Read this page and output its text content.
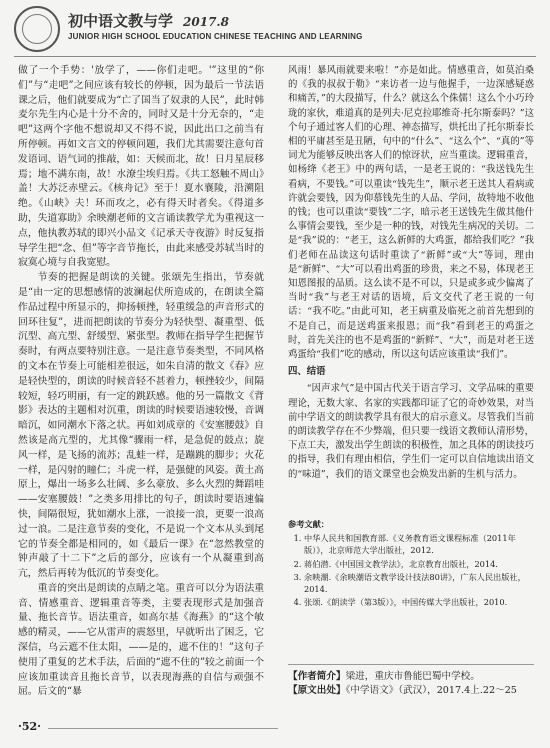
初中语文教与学 2017.8
JUNIOR HIGH SCHOOL EDUCATION CHINESE TEACHING AND LEARNING

做了一个手势：'放学了，——你们走吧。'”这里的“你们”与“走吧”之间应该有较长的停顿，因为最后一节法语课之后，他们就要成为“亡了国当了奴隶的人民”，此时韩麦尔先生内心是十分不舍的，同时又是十分无奈的，“走吧”这两个字他不想说却又不得不说，因此出口之前当有所停顿。再如文言文的停顿问题，我们尤其需要注意句首发语词、语气词的推敲，如：天候而北，故！日月星辰移焉；地不满东南，故！水潦尘埃归焉。《共工怒触不周山》盖！大苏泛赤壁云。《核舟记》至于！夏水襄陵，沿溯阻绝。《山峡》夫！环而攻之，必有得天时者矣。《得道多助，失道寡助》余映潮老师的文言诵读教学尤为重视这一点，他执教苏轼的即兴小品文《记承天寺夜游》时反复指导学生把“念、但”等字音节拖长，由此来感受苏轼当时的寂寞心境与自我宽慰。

节奏的把握是朗读的关键。张颂先生指出，节奏就是“由一定的思想感情的波澜起伏所造成的，在朗读全篇作品过程中所显示的，抑扬顿挫，轻重缓急的声音形式的回环往复”，进而把朗读的节奏分为轻快型、凝重型、低沉型、高亢型、舒缓型、紧张型。教师在指导学生把握节奏时，有两点要特别注意。一是注意节奏类型，不同风格的文本在节奏上可能相差很远，如朱自清的散文《春》应是轻快型的，朗读的时候音轻不甚着力，顿挫较少，间隔较短，轻巧明丽，有一定的跳跃感。他的另一篇散文《背影》表达的主题相对沉重，朗读的时候要语速较慢，音调暗沉，如同潮水下落之状。再如刘成章的《安塞腰鼓》自然该是高亢型的，尤其像“骤雨一样，是急促的鼓点；旋风一样，是飞扬的流苏；乱蛙一样，是蹦跳的脚步；火花一样，是闪射的瞳仁；斗虎一样，是强健的风姿。黄土高原上，爆出一场多么壮阔、多么豪放、多么火烈的舞蹈哇——安塞腰鼓！”之类多用排比的句子，朗读时要语速偏快，间隔很短，犹如潮水上涨，一浪接一浪，更要一浪高过一浪。二是注意节奏的变化，不是说一个文本从头到尾它的节奏全都是相同的，如《最后一课》在“忽然教堂的钟声敲了十二下”之后的部分，应该有一个从凝重到高亢，然后再转为低沉的节奏变化。

重音的突出是朗读的点睛之笔。重音可以分为语法重音、情感重音、逻辑重音等类，主要表现形式是加强音量、拖长音节。语法重音，如高尔基《海燕》的“这个敏感的精灵，——它从雷声的震怒里，早就听出了困乏，它深信，乌云遮不住太阳，——是的，遮不住的！”这句子使用了重复的艺术手法，后面的“遮不住的”较之前面一个应该加重读音且拖长音节，以表现海燕的自信与顽强不屈。后文的“暴

风雨！暴风雨就要来啦！”亦是如此。情感重音，如莫泊桑的《我的叔叔于勒》“来访者一边与他握手，一边深感疑惑和痛苦，”的大段描写，什么？就这么个侏儒！这么个小巧玲珑的家伙，难道真的是列夫·尼克拉耶维奇·托尔斯泰吗？”这个句子通过客人们的心理、神态描写，烘托出了托尔斯泰长相的平庸甚至是丑陋，句中的“什么”、“这么个”、“真的”等词尤为能够反映出客人们的惊讶状，应当重读。逻辑重音，如杨绛《老王》中的两句话，一是老王说的：“我送钱先生看病，不要钱。”可以重读“钱先生”，顺示老王送其人看病或许就会要钱，因为仰慕钱先生的人品、学问，故特地不收他的钱；也可以重读“要钱”二字，暗示老王送钱先生做其他什么事情会要钱，至少是一种的钱，对钱先生病况的关切。二是“我”说的：“老王，这么新鲜的大鸡蛋，都给我们吃？”我们老师在品读这句话时重读了“新鲜”或“大”等词，理由是“新鲜”、“大”可以看出鸡蛋的珍贵，来之不易，体现老王知恩图报的品质。这么读不是不可以，只是或多或少偏离了当时“我”与老王对话的语境，后文交代了老王说的一句话：“我不吃。”由此可知，老王病重及临死之前首先想到的不是自己，而是送鸡蛋来报恩；而“我”看到老王的鸡蛋之时，首先关注的也不是鸡蛋的“新鲜”、“大”，而是对老王送鸡蛋给“我们”吃的感动，所以这句话应该重读“我们”。

四、结语

“因声求气”是中国古代关于语言学习、文学品味的重要理论，无数大家、名家的实践都印证了它的奇妙效果，对当前中学语文的朗读教学具有很大的启示意义。尽管我们当前的朗读教学存在不少弊端，但只要一线语文教师认清形势，下点工夫，激发出学生朗读的积极性，加之具体的朗读技巧的指导，我们有理由相信，学生们一定可以自信地读出语文的“味道”，我们的语文课堂也会焕发出新的生机与活力。

参考文献：
1. 中华人民共和国教育部.《义务教育语文课程标准（2011年版）》，北京师范大学出版社，2012.
2. 蒋伯潜.《中国国文教学法》，北京教育出版社，2014.
3. 余映潮.《余映潮语文教学设计技法80讲》，广东人民出版社，2014.
4. 张颂.《朗读学（第3版）》，中国传媒大学出版社，2010.
【作者简介】梁进，重庆市鲁能巴蜀中学校。
【原文出处】《中学语文》（武汉），2017.4上.22～25
·52·
